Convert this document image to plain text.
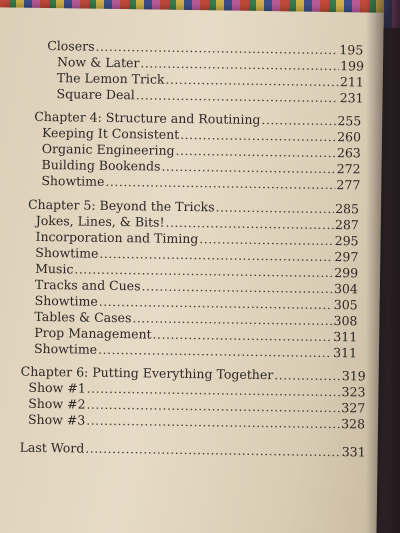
Closers .....	195
Now & Later .....	199
The Lemon Trick .....	211
Square Deal .....	231
Chapter 4: Structure and Routining .....	255
Keeping It Consistent .....	260
Organic Engineering .....	263
Building Bookends .....	272
Showtime .....	277
Chapter 5: Beyond the Tricks .....	285
Jokes, Lines, & Bits! .....	287
Incorporation and Timing .....	295
Showtime .....	297
Music .....	299
Tracks and Cues .....	304
Showtime .....	305
Tables & Cases .....	308
Prop Management .....	311
Showtime .....	311
Chapter 6: Putting Everything Together .....	319
Show #1 .....	323
Show #2 .....	327
Show #3 .....	328
Last Word .....	331
